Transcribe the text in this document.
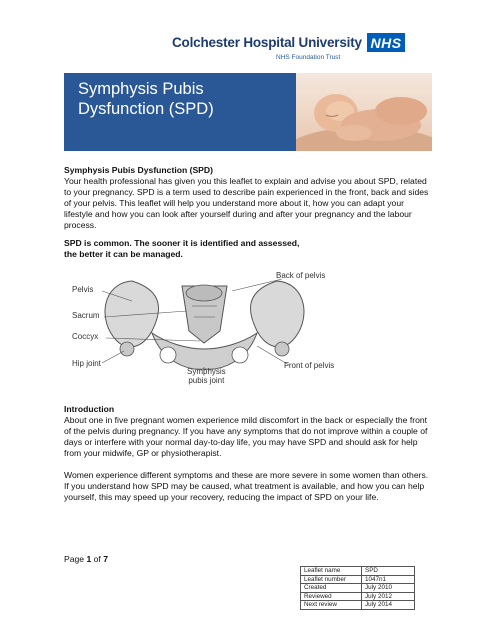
Colchester Hospital University NHS
NHS Foundation Trust
Symphysis Pubis
Dysfunction (SPD)
Symphysis Pubis Dysfunction (SPD)
Your health professional has given you this leaflet to explain and advise you about SPD, related to your pregnancy. SPD is a term used to describe pain experienced in the front, back and sides of your pelvis. This leaflet will help you understand more about it, how you can adapt your lifestyle and how you can look after yourself during and after your pregnancy and the labour process.
SPD is common. The sooner it is identified and assessed,
the better it can be managed.
Pelvis
Sacrum
Coccyx
Hip joint
Back of pelvis
Front of pelvis
Symphysis
pubis joint
Introduction
About one in five pregnant women experience mild discomfort in the back or especially the front of the pelvis during pregnancy. If you have any symptoms that do not improve within a couple of days or interfere with your normal day-to-day life, you may have SPD and should ask for help from your midwife, GP or physiotherapist.
Women experience different symptoms and these are more severe in some women than others. If you understand how SPD may be caused, what treatment is available, and how you can help yourself, this may speed up your recovery, reducing the impact of SPD on your life.
Page 1 of 7
Leaflet name	SPD
Leaflet number	1047n1
Created	July 2010
Reviewed	July 2012
Next review	July 2014
